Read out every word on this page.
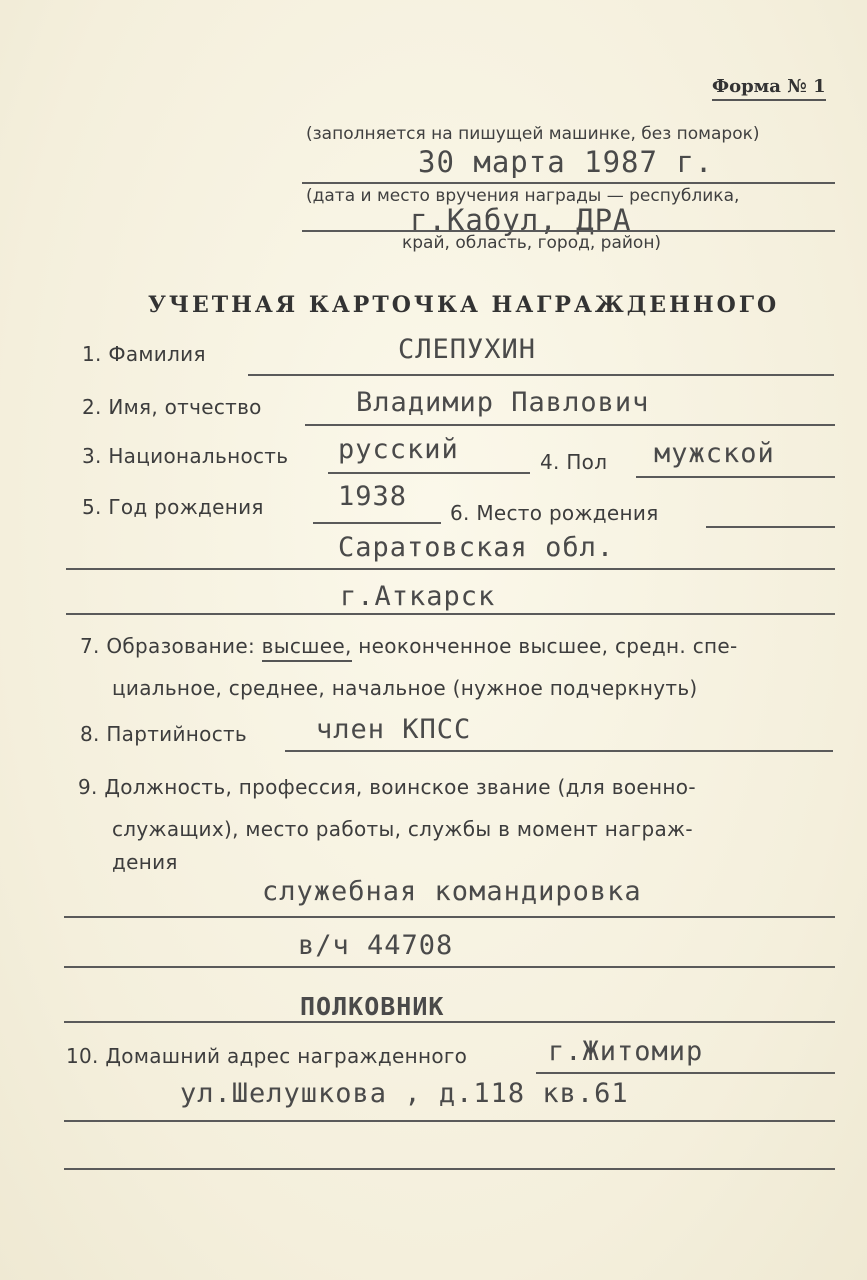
Форма № 1
(заполняется на пишущей машинке, без помарок)
30 марта 1987 г.
(дата и место вручения награды — республика,
г.Кабул, ДРА
край, область, город, район)
УЧЕТНАЯ КАРТОЧКА НАГРАЖДЕННОГО
1. Фамилия	СЛЕПУХИН
2. Имя, отчество	Владимир Павлович
3. Национальность русский	4. Пол мужской
5. Год рождения	1938
6. Место рождения
Саратовская обл.
г.Аткарск
7. Образование: высшее, неоконченное высшее, средн. спе-
циальное, среднее, начальное (нужное подчеркнуть)
8. Партийность	член КПСС
9. Должность, профессия, воинское звание (для военно-
служащих), место работы, службы в момент награж-
дения
служебная командировка
в/ч 44708
ПОЛКОВНИК
10. Домашний адрес награжденного	г.Житомир
ул.Шелушкова , д.118 кв.61
